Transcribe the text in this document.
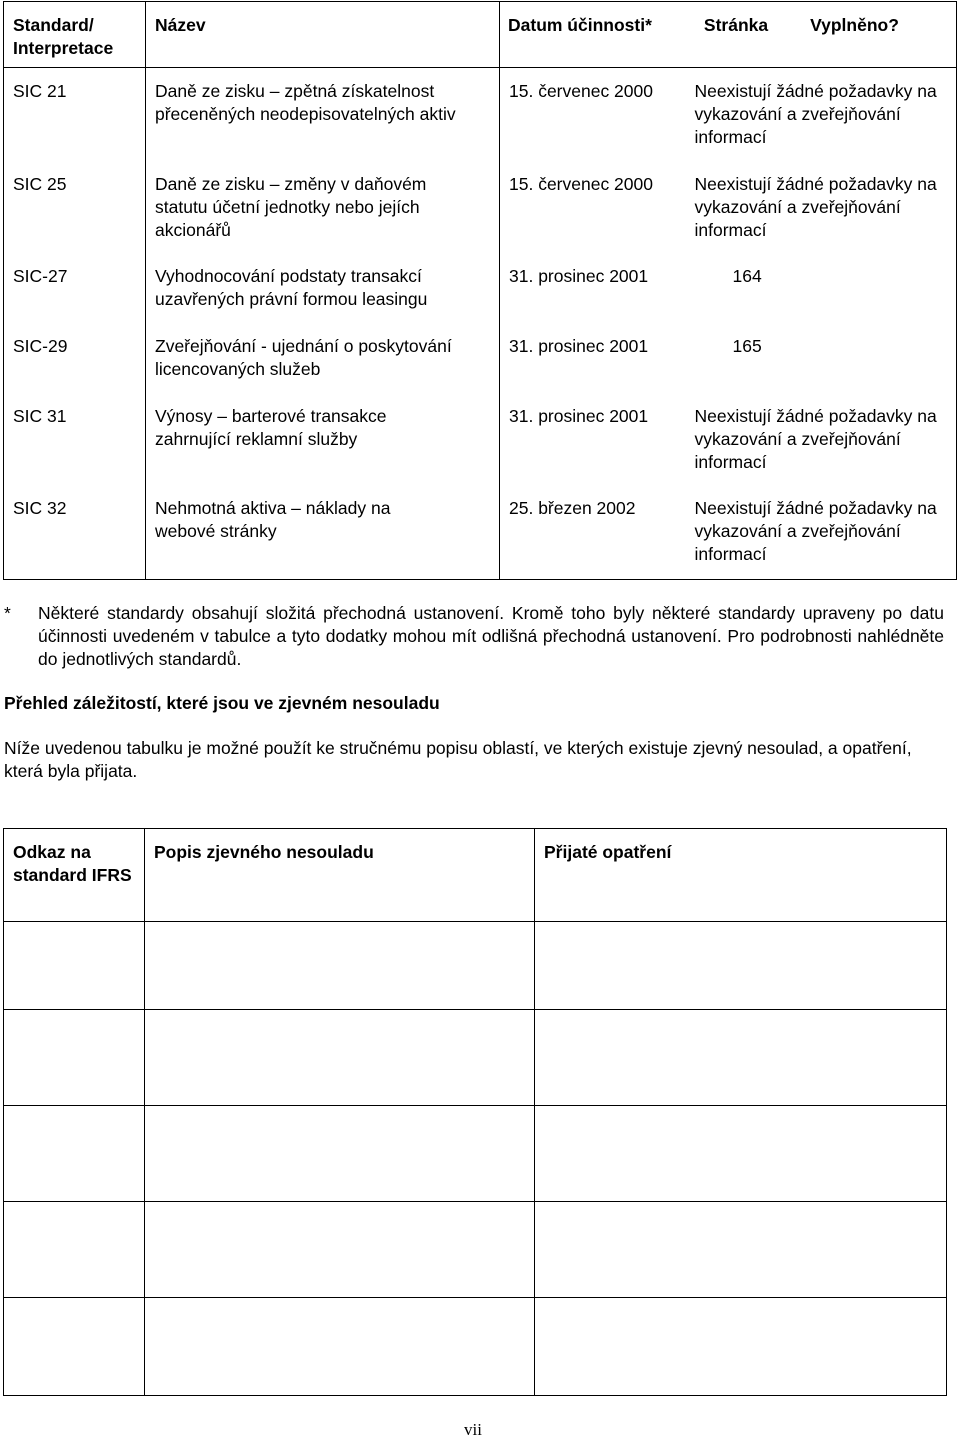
Standard/ Interpretace	Název	Datum účinnosti* Stránka Vyplněno?	
SIC 21	Daně ze zisku – zpětná získatelnost přeceněných neodepisovatelných aktiv	15. červenec 2000	Neexistují žádné požadavky na vykazování a zveřejňování informací
SIC 25	Daně ze zisku – změny v daňovém statutu účetní jednotky nebo jejích akcionářů	15. červenec 2000	Neexistují žádné požadavky na vykazování a zveřejňování informací
SIC-27	Vyhodnocování podstaty transakcí uzavřených právní formou leasingu	31. prosinec 2001	164
SIC-29	Zveřejňování - ujednání o poskytování licencovaných služeb	31. prosinec 2001	165
SIC 31	Výnosy – barterové transakce zahrnující reklamní služby	31. prosinec 2001	Neexistují žádné požadavky na vykazování a zveřejňování informací
SIC 32	Nehmotná aktiva – náklady na webové stránky	25. březen 2002	Neexistují žádné požadavky na vykazování a zveřejňování informací
* Některé standardy obsahují složitá přechodná ustanovení. Kromě toho byly některé standardy upraveny po datu účinnosti uvedeném v tabulce a tyto dodatky mohou mít odlišná přechodná ustanovení. Pro podrobnosti nahlédněte do jednotlivých standardů.
Přehled záležitostí, které jsou ve zjevném nesouladu
Níže uvedenou tabulku je možné použít ke stručnému popisu oblastí, ve kterých existuje zjevný nesoulad, a opatření, která byla přijata.
Odkaz na standard IFRS	Popis zjevného nesouladu	Přijaté opatření

vii
